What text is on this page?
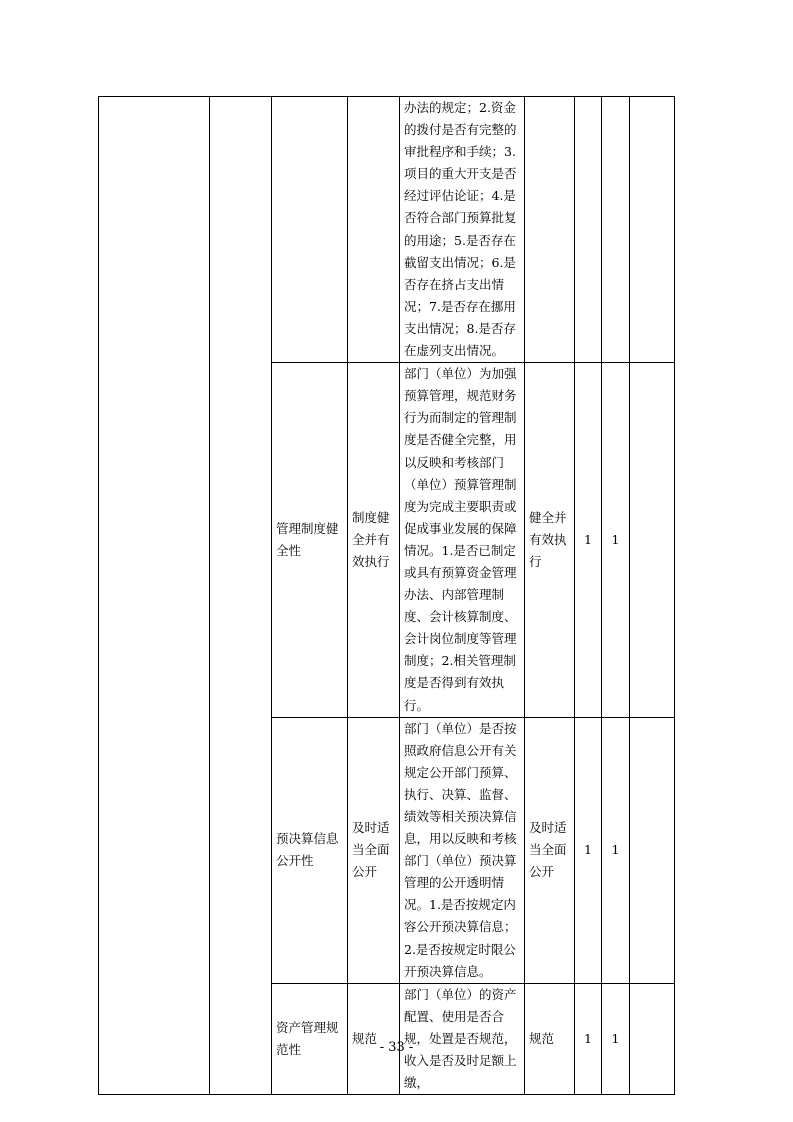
				办法的规定；2.资金的拨付是否有完整的审批程序和手续；3.项目的重大开支是否经过评估论证；4.是否符合部门预算批复的用途；5.是否存在截留支出情况；6.是否存在挤占支出情况；7.是否存在挪用支出情况；8.是否存在虚列支出情况。				
		管理制度健全性	制度健全并有效执行	部门（单位）为加强预算管理，规范财务行为而制定的管理制度是否健全完整，用以反映和考核部门（单位）预算管理制度为完成主要职责或促成事业发展的保障情况。1.是否已制定或具有预算资金管理办法、内部管理制度、会计核算制度、会计岗位制度等管理制度；2.相关管理制度是否得到有效执行。	健全并有效执行	1	1	
		预决算信息公开性	及时适当全面公开	部门（单位）是否按照政府信息公开有关规定公开部门预算、执行、决算、监督、绩效等相关预决算信息，用以反映和考核部门（单位）预决算管理的公开透明情况。1.是否按规定内容公开预决算信息；2.是否按规定时限公开预决算信息。	及时适当全面公开	1	1	
		资产管理规范性	规范	部门（单位）的资产配置、使用是否合规，处置是否规范，收入是否及时足额上缴，	规范	1	1	
- 33 -
